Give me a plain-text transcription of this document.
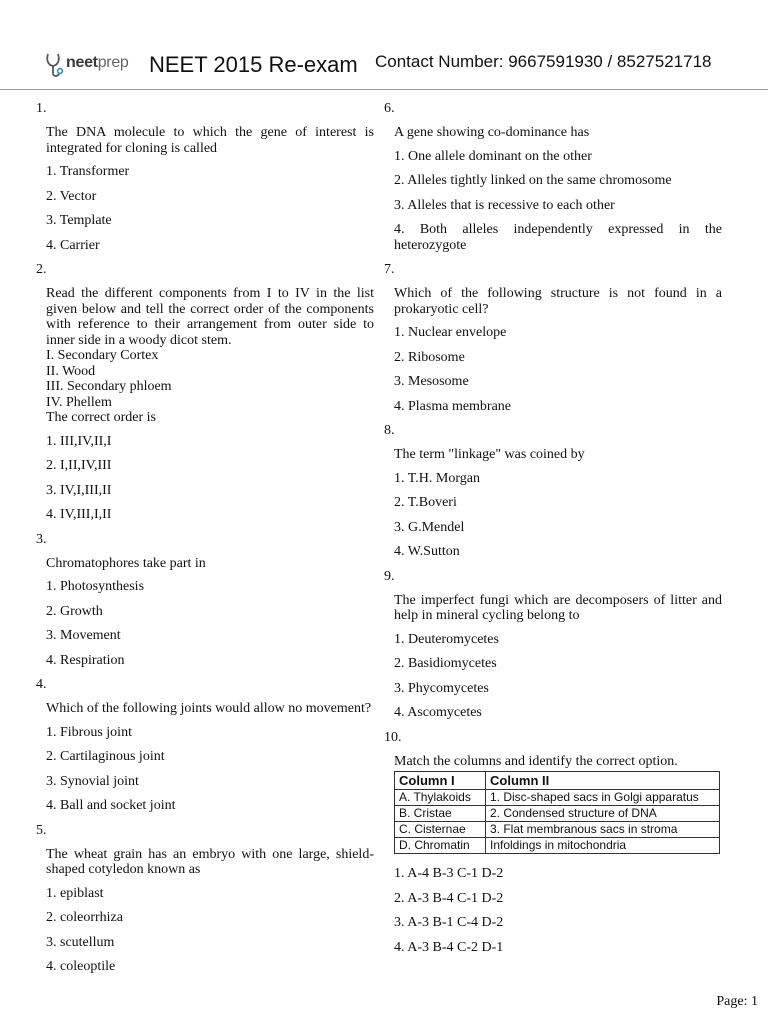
neetprep NEET 2015 Re-exam Contact Number: 9667591930 / 8527521718
1.
The DNA molecule to which the gene of interest is integrated for cloning is called
1. Transformer
2. Vector
3. Template
4. Carrier
2.
Read the different components from I to IV in the list given below and tell the correct order of the components with reference to their arrangement from outer side to inner side in a woody dicot stem.
I. Secondary Cortex
II. Wood
III. Secondary phloem
IV. Phellem
The correct order is
1. III,IV,II,I
2. I,II,IV,III
3. IV,I,III,II
4. IV,III,I,II
3.
Chromatophores take part in
1. Photosynthesis
2. Growth
3. Movement
4. Respiration
4.
Which of the following joints would allow no movement?
1. Fibrous joint
2. Cartilaginous joint
3. Synovial joint
4. Ball and socket joint
5.
The wheat grain has an embryo with one large, shield-shaped cotyledon known as
1. epiblast
2. coleorrhiza
3. scutellum
4. coleoptile
6.
A gene showing co-dominance has
1. One allele dominant on the other
2. Alleles tightly linked on the same chromosome
3. Alleles that is recessive to each other
4. Both alleles independently expressed in the heterozygote
7.
Which of the following structure is not found in a prokaryotic cell?
1. Nuclear envelope
2. Ribosome
3. Mesosome
4. Plasma membrane
8.
The term "linkage" was coined by
1. T.H. Morgan
2. T.Boveri
3. G.Mendel
4. W.Sutton
9.
The imperfect fungi which are decomposers of litter and help in mineral cycling belong to
1. Deuteromycetes
2. Basidiomycetes
3. Phycomycetes
4. Ascomycetes
10.
Match the columns and identify the correct option.
Column I	Column II
A. Thylakoids	1. Disc-shaped sacs in Golgi apparatus
B. Cristae	2. Condensed structure of DNA
C. Cisternae	3. Flat membranous sacs in stroma
D. Chromatin	Infoldings in mitochondria
1. A-4 B-3 C-1 D-2
2. A-3 B-4 C-1 D-2
3. A-3 B-1 C-4 D-2
4. A-3 B-4 C-2 D-1
Page: 1
